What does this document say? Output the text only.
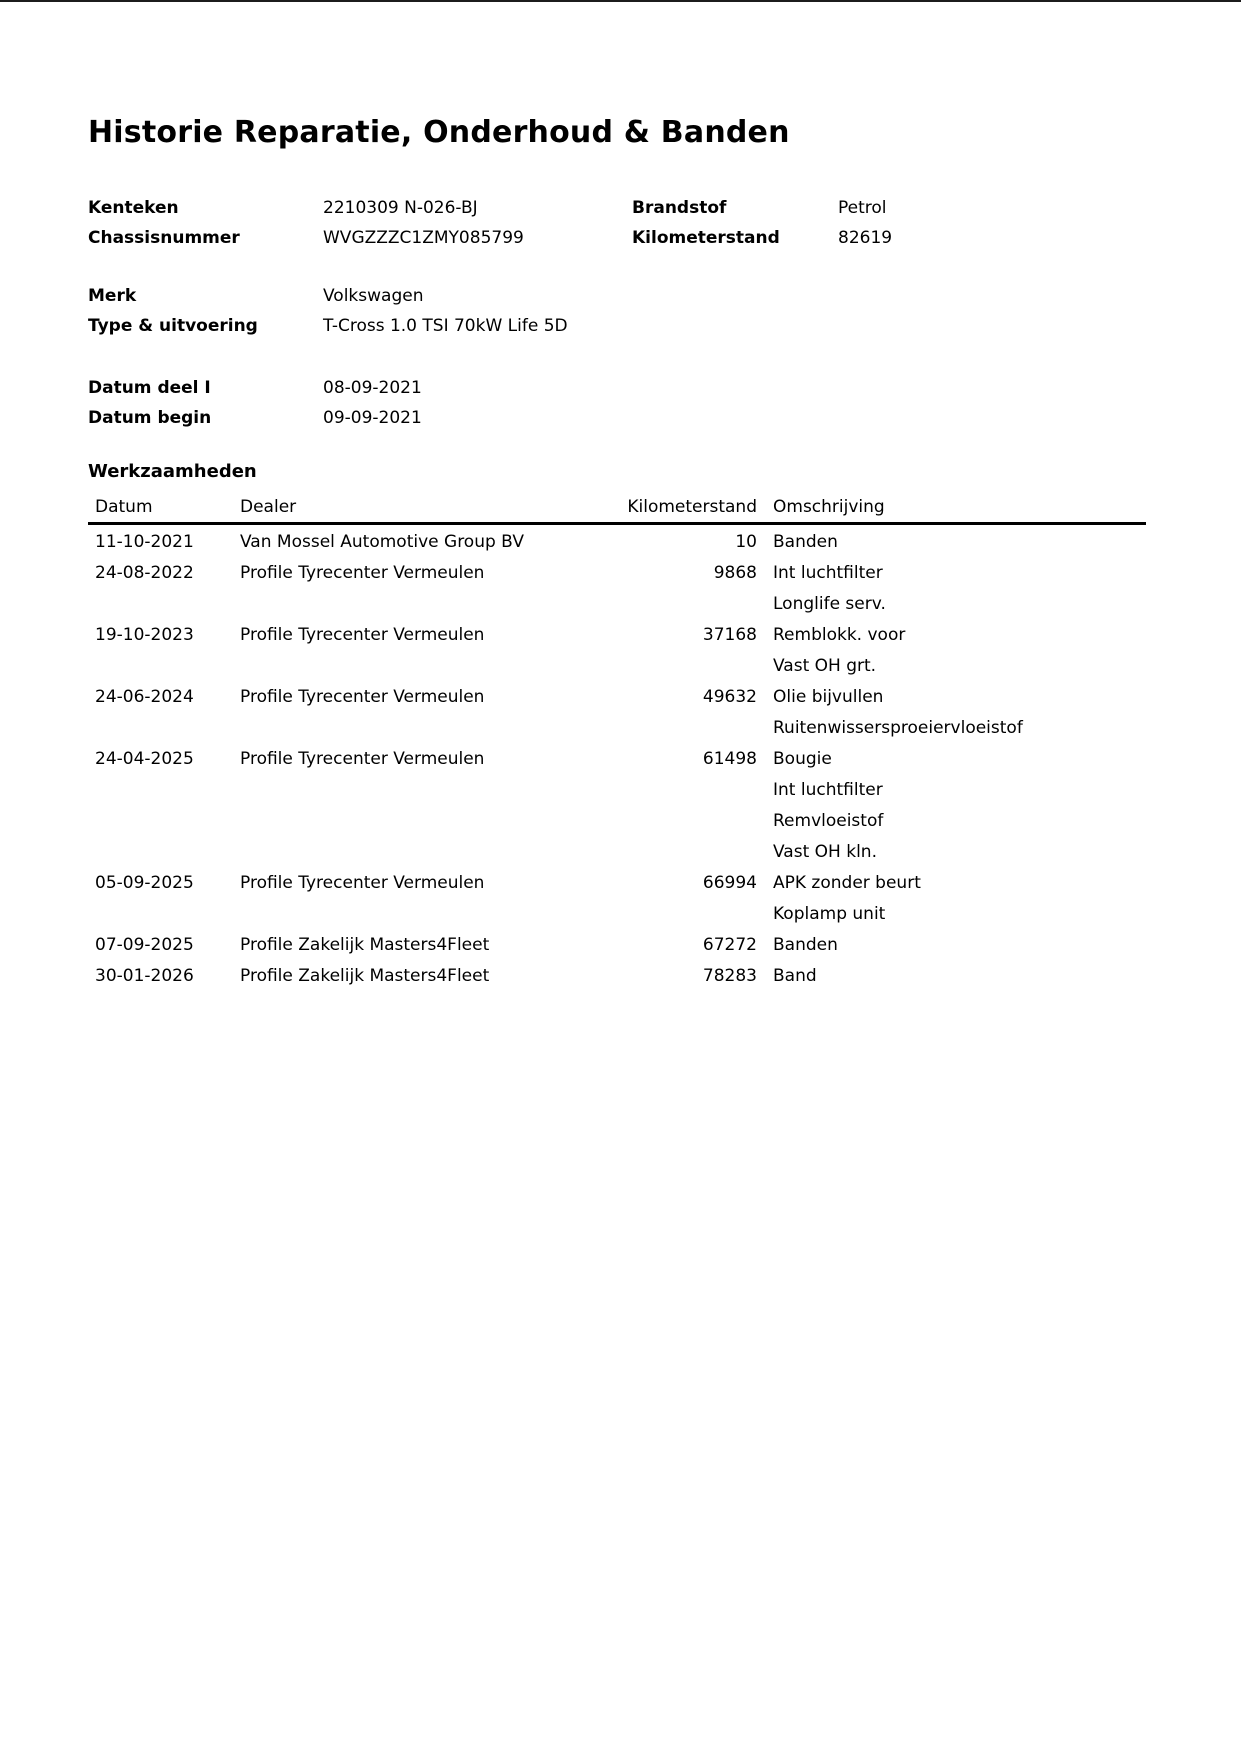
Historie Reparatie, Onderhoud & Banden
Kenteken	2210309 N-026-BJ	Brandstof	Petrol
Chassisnummer	WVGZZZC1ZMY085799	Kilometerstand	82619
Merk	Volkswagen
Type & uitvoering	T-Cross 1.0 TSI 70kW Life 5D
Datum deel I	08-09-2021
Datum begin	09-09-2021
Werkzaamheden
Datum	Dealer	Kilometerstand Omschrijving
11-10-2021	Van Mossel Automotive Group BV	10 Banden
24-08-2022	Profile Tyrecenter Vermeulen	9868 Int luchtfilter
Longlife serv.
19-10-2023	Profile Tyrecenter Vermeulen	37168 Remblokk. voor
Vast OH grt.
24-06-2024	Profile Tyrecenter Vermeulen	49632 Olie bijvullen
Ruitenwissersproeiervloeistof
24-04-2025	Profile Tyrecenter Vermeulen	61498 Bougie
Int luchtfilter
Remvloeistof
Vast OH kln.
05-09-2025	Profile Tyrecenter Vermeulen	66994 APK zonder beurt
Koplamp unit
07-09-2025	Profile Zakelijk Masters4Fleet	67272 Banden
30-01-2026	Profile Zakelijk Masters4Fleet	78283 Band
